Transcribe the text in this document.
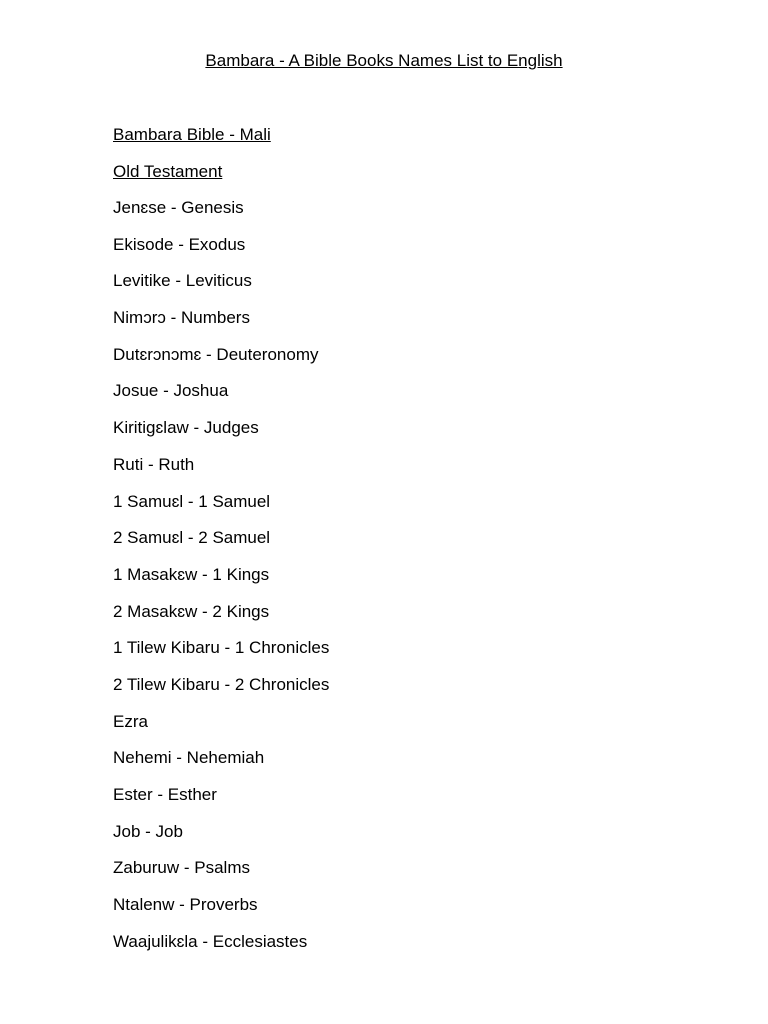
Bambara - A Bible Books Names List to English
Bambara Bible - Mali
Old Testament
Jenɛse - Genesis
Ekisode - Exodus
Levitike - Leviticus
Nimɔrɔ - Numbers
Dutɛrɔnɔmɛ - Deuteronomy
Josue - Joshua
Kiritigɛlaw - Judges
Ruti - Ruth
1 Samuɛl - 1 Samuel
2 Samuɛl - 2 Samuel
1 Masakɛw - 1 Kings
2 Masakɛw - 2 Kings
1 Tilew Kibaru - 1 Chronicles
2 Tilew Kibaru - 2 Chronicles
Ezra
Nehemi - Nehemiah
Ester - Esther
Job - Job
Zaburuw - Psalms
Ntalenw - Proverbs
Waajulikɛla - Ecclesiastes
